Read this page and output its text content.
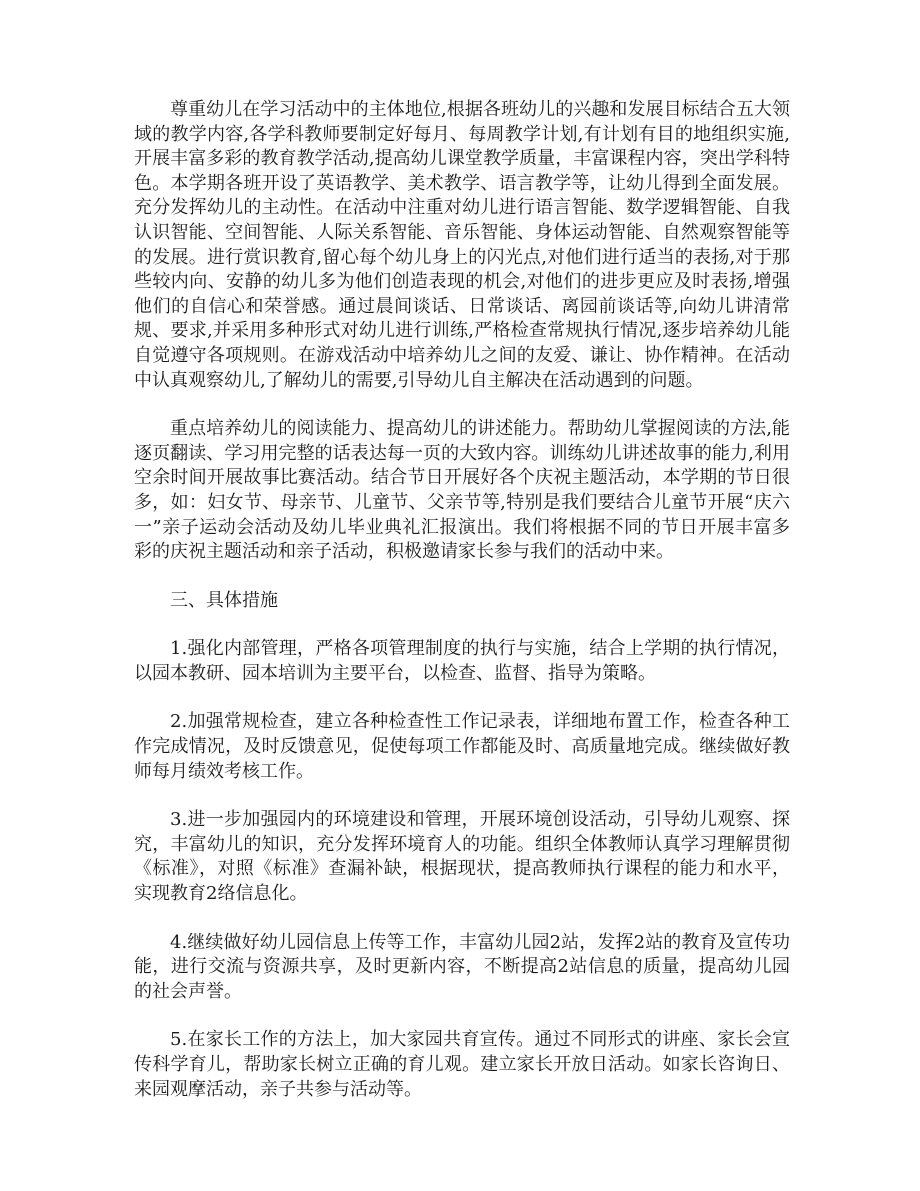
尊重幼儿在学习活动中的主体地位,根据各班幼儿的兴趣和发展目标结合五大领域的教学内容,各学科教师要制定好每月、每周教学计划,有计划有目的地组织实施,开展丰富多彩的教育教学活动,提高幼儿课堂教学质量，丰富课程内容，突出学科特色。本学期各班开设了英语教学、美术教学、语言教学等，让幼儿得到全面发展。充分发挥幼儿的主动性。在活动中注重对幼儿进行语言智能、数学逻辑智能、自我认识智能、空间智能、人际关系智能、音乐智能、身体运动智能、自然观察智能等的发展。进行赏识教育,留心每个幼儿身上的闪光点,对他们进行适当的表扬,对于那些较内向、安静的幼儿多为他们创造表现的机会,对他们的进步更应及时表扬,增强他们的自信心和荣誉感。通过晨间谈话、日常谈话、离园前谈话等,向幼儿讲清常规、要求,并采用多种形式对幼儿进行训练,严格检查常规执行情况,逐步培养幼儿能自觉遵守各项规则。在游戏活动中培养幼儿之间的友爱、谦让、协作精神。在活动中认真观察幼儿,了解幼儿的需要,引导幼儿自主解决在活动遇到的问题。

重点培养幼儿的阅读能力、提高幼儿的讲述能力。帮助幼儿掌握阅读的方法,能逐页翻读、学习用完整的话表达每一页的大致内容。训练幼儿讲述故事的能力,利用空余时间开展故事比赛活动。结合节日开展好各个庆祝主题活动，本学期的节日很多，如：妇女节、母亲节、儿童节、父亲节等,特别是我们要结合儿童节开展“庆六一”亲子运动会活动及幼儿毕业典礼汇报演出。我们将根据不同的节日开展丰富多彩的庆祝主题活动和亲子活动，积极邀请家长参与我们的活动中来。

三、具体措施

1.强化内部管理，严格各项管理制度的执行与实施，结合上学期的执行情况，以园本教研、园本培训为主要平台，以检查、监督、指导为策略。

2.加强常规检查，建立各种检查性工作记录表，详细地布置工作，检查各种工作完成情况，及时反馈意见，促使每项工作都能及时、高质量地完成。继续做好教师每月绩效考核工作。

3.进一步加强园内的环境建设和管理，开展环境创设活动，引导幼儿观察、探究，丰富幼儿的知识，充分发挥环境育人的功能。组织全体教师认真学习理解贯彻《标准》，对照《标准》查漏补缺，根据现状，提高教师执行课程的能力和水平，实现教育2络信息化。

4.继续做好幼儿园信息上传等工作，丰富幼儿园2站，发挥2站的教育及宣传功能，进行交流与资源共享，及时更新内容，不断提高2站信息的质量，提高幼儿园的社会声誉。

5.在家长工作的方法上，加大家园共育宣传。通过不同形式的讲座、家长会宣传科学育儿，帮助家长树立正确的育儿观。建立家长开放日活动。如家长咨询日、来园观摩活动，亲子共参与活动等。
